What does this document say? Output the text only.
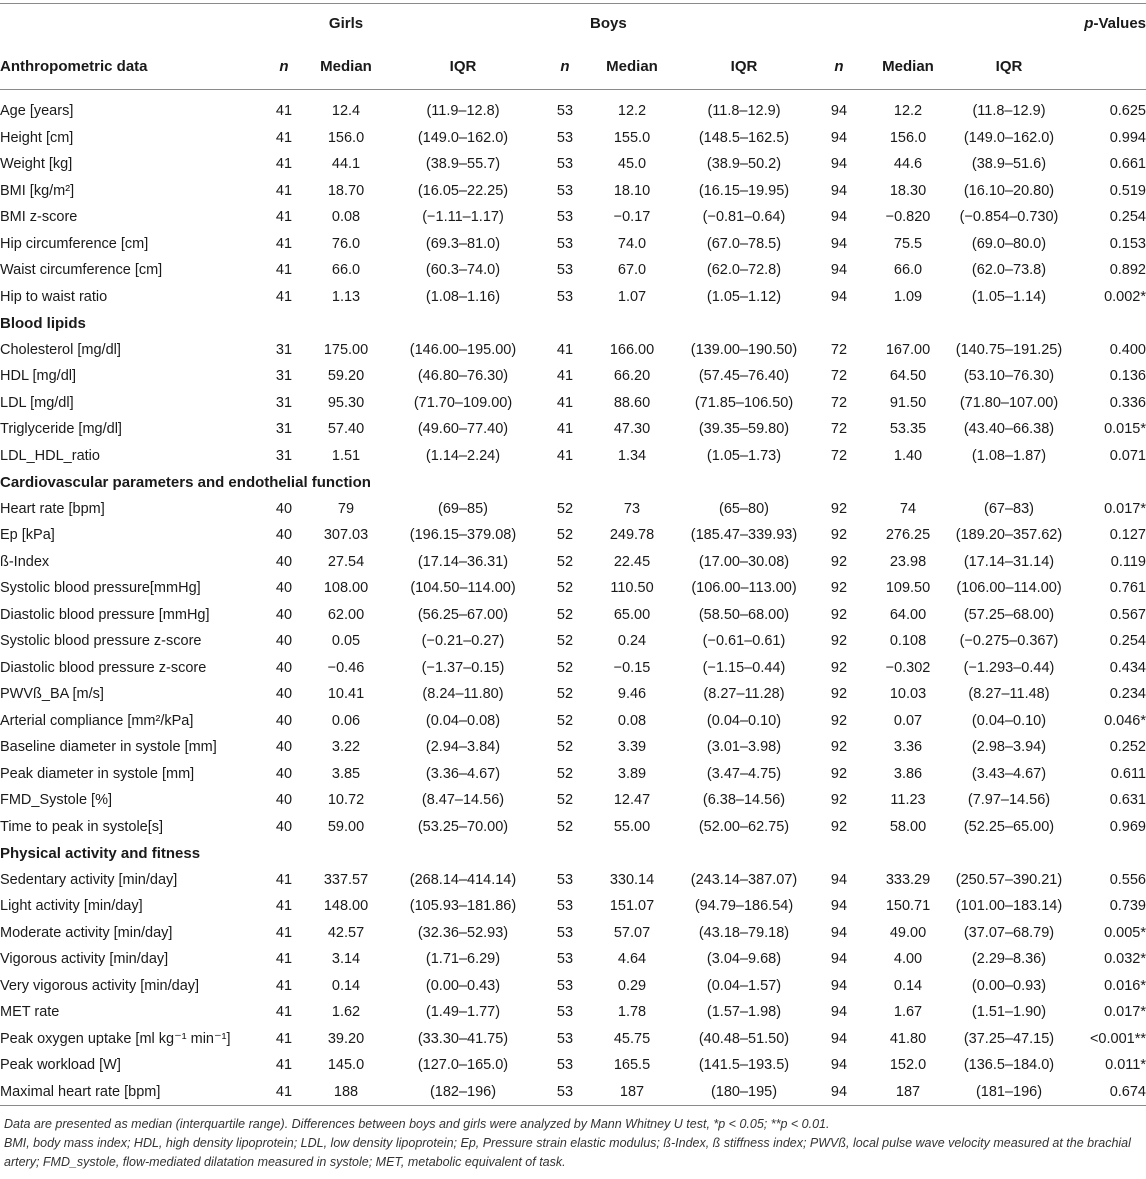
		Girls			Boys					p-Values
Anthropometric data	n	Median	IQR	n	Median	IQR	n	Median	IQR	

Age [years]	41	12.4	(11.9–12.8)	53	12.2	(11.8–12.9)	94	12.2	(11.8–12.9)	0.625
Height [cm]	41	156.0	(149.0–162.0)	53	155.0	(148.5–162.5)	94	156.0	(149.0–162.0)	0.994
Weight [kg]	41	44.1	(38.9–55.7)	53	45.0	(38.9–50.2)	94	44.6	(38.9–51.6)	0.661
BMI [kg/m²]	41	18.70	(16.05–22.25)	53	18.10	(16.15–19.95)	94	18.30	(16.10–20.80)	0.519
BMI z-score	41	0.08	(−1.11–1.17)	53	−0.17	(−0.81–0.64)	94	−0.820	(−0.854–0.730)	0.254
Hip circumference [cm]	41	76.0	(69.3–81.0)	53	74.0	(67.0–78.5)	94	75.5	(69.0–80.0)	0.153
Waist circumference [cm]	41	66.0	(60.3–74.0)	53	67.0	(62.0–72.8)	94	66.0	(62.0–73.8)	0.892
Hip to waist ratio	41	1.13	(1.08–1.16)	53	1.07	(1.05–1.12)	94	1.09	(1.05–1.14)	0.002*
Blood lipids										
Cholesterol [mg/dl]	31	175.00	(146.00–195.00)	41	166.00	(139.00–190.50)	72	167.00	(140.75–191.25)	0.400
HDL [mg/dl]	31	59.20	(46.80–76.30)	41	66.20	(57.45–76.40)	72	64.50	(53.10–76.30)	0.136
LDL [mg/dl]	31	95.30	(71.70–109.00)	41	88.60	(71.85–106.50)	72	91.50	(71.80–107.00)	0.336
Triglyceride [mg/dl]	31	57.40	(49.60–77.40)	41	47.30	(39.35–59.80)	72	53.35	(43.40–66.38)	0.015*
LDL_HDL_ratio	31	1.51	(1.14–2.24)	41	1.34	(1.05–1.73)	72	1.40	(1.08–1.87)	0.071
Cardiovascular parameters and endothelial function										
Heart rate [bpm]	40	79	(69–85)	52	73	(65–80)	92	74	(67–83)	0.017*
Ep [kPa]	40	307.03	(196.15–379.08)	52	249.78	(185.47–339.93)	92	276.25	(189.20–357.62)	0.127
ß-Index	40	27.54	(17.14–36.31)	52	22.45	(17.00–30.08)	92	23.98	(17.14–31.14)	0.119
Systolic blood pressure[mmHg]	40	108.00	(104.50–114.00)	52	110.50	(106.00–113.00)	92	109.50	(106.00–114.00)	0.761
Diastolic blood pressure [mmHg]	40	62.00	(56.25–67.00)	52	65.00	(58.50–68.00)	92	64.00	(57.25–68.00)	0.567
Systolic blood pressure z-score	40	0.05	(−0.21–0.27)	52	0.24	(−0.61–0.61)	92	0.108	(−0.275–0.367)	0.254
Diastolic blood pressure z-score	40	−0.46	(−1.37–0.15)	52	−0.15	(−1.15–0.44)	92	−0.302	(−1.293–0.44)	0.434
PWVß_BA [m/s]	40	10.41	(8.24–11.80)	52	9.46	(8.27–11.28)	92	10.03	(8.27–11.48)	0.234
Arterial compliance [mm²/kPa]	40	0.06	(0.04–0.08)	52	0.08	(0.04–0.10)	92	0.07	(0.04–0.10)	0.046*
Baseline diameter in systole [mm]	40	3.22	(2.94–3.84)	52	3.39	(3.01–3.98)	92	3.36	(2.98–3.94)	0.252
Peak diameter in systole [mm]	40	3.85	(3.36–4.67)	52	3.89	(3.47–4.75)	92	3.86	(3.43–4.67)	0.611
FMD_Systole [%]	40	10.72	(8.47–14.56)	52	12.47	(6.38–14.56)	92	11.23	(7.97–14.56)	0.631
Time to peak in systole[s]	40	59.00	(53.25–70.00)	52	55.00	(52.00–62.75)	92	58.00	(52.25–65.00)	0.969
Physical activity and fitness										
Sedentary activity [min/day]	41	337.57	(268.14–414.14)	53	330.14	(243.14–387.07)	94	333.29	(250.57–390.21)	0.556
Light activity [min/day]	41	148.00	(105.93–181.86)	53	151.07	(94.79–186.54)	94	150.71	(101.00–183.14)	0.739
Moderate activity [min/day]	41	42.57	(32.36–52.93)	53	57.07	(43.18–79.18)	94	49.00	(37.07–68.79)	0.005*
Vigorous activity [min/day]	41	3.14	(1.71–6.29)	53	4.64	(3.04–9.68)	94	4.00	(2.29–8.36)	0.032*
Very vigorous activity [min/day]	41	0.14	(0.00–0.43)	53	0.29	(0.04–1.57)	94	0.14	(0.00–0.93)	0.016*
MET rate	41	1.62	(1.49–1.77)	53	1.78	(1.57–1.98)	94	1.67	(1.51–1.90)	0.017*
Peak oxygen uptake [ml kg⁻¹ min⁻¹]	41	39.20	(33.30–41.75)	53	45.75	(40.48–51.50)	94	41.80	(37.25–47.15)	<0.001**
Peak workload [W]	41	145.0	(127.0–165.0)	53	165.5	(141.5–193.5)	94	152.0	(136.5–184.0)	0.011*
Maximal heart rate [bpm]	41	188	(182–196)	53	187	(180–195)	94	187	(181–196)	0.674
Data are presented as median (interquartile range). Differences between boys and girls were analyzed by Mann Whitney U test, *p < 0.05; **p < 0.01.
BMI, body mass index; HDL, high density lipoprotein; LDL, low density lipoprotein; Ep, Pressure strain elastic modulus; ß-Index, ß stiffness index; PWVß, local pulse wave velocity measured at the brachial artery; FMD_systole, flow-mediated dilatation measured in systole; MET, metabolic equivalent of task.
